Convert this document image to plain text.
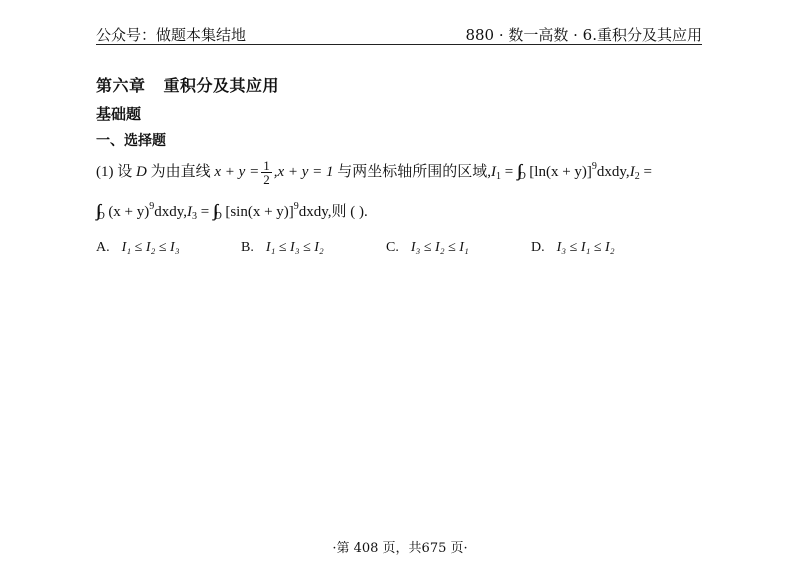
公众号：做题本集结地	880 · 数一高数 · 6.重积分及其应用
第六章 重积分及其应用
基础题
一、选择题
(1) 设 D 为由直线 $x + y = \frac{1}{2} ,x + y = 1$ 与两坐标轴所围的区域$,I_1 = \int\int_D$ $[\ln(x + y)]^9dxdy,I_2$ =
$\int\int_D$ $(x + y)^9dxdy,I_3 = \int\int_D$ $[\sin(x + y)]^9dxdy$,则 ( ).
A. I₁ ≤ I₂ ≤ I₃	B. I₁ ≤ I₃ ≤ I₂	C. I₃ ≤ I₂ ≤ I₁	D. I₃ ≤ I₁ ≤ I₂
·第 408 页，共675 页·
